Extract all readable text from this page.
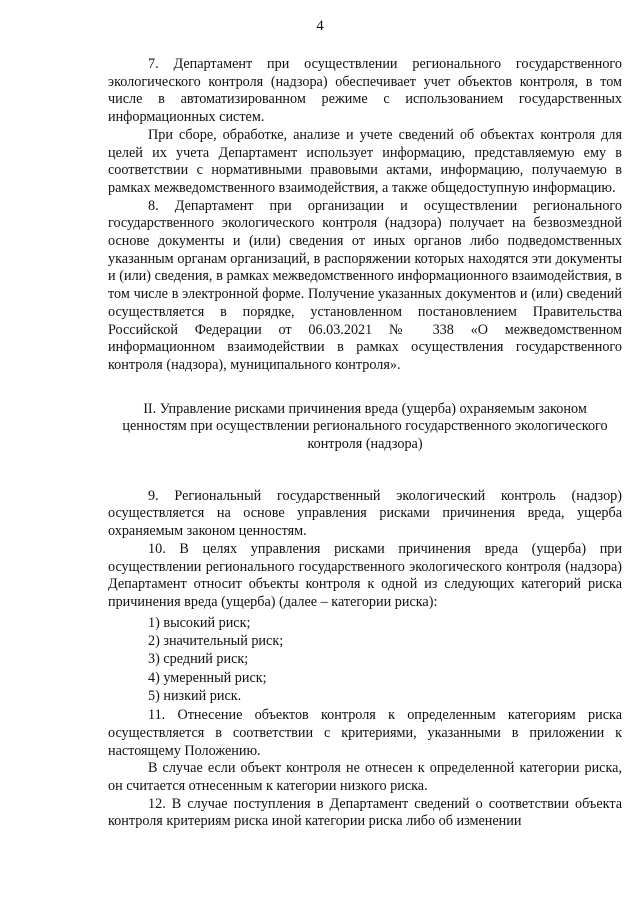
4

7. Департамент при осуществлении регионального государственного экологического контроля (надзора) обеспечивает учет объектов контроля, в том числе в автоматизированном режиме с использованием государственных информационных систем.

При сборе, обработке, анализе и учете сведений об объектах контроля для целей их учета Департамент использует информацию, представляемую ему в соответствии с нормативными правовыми актами, информацию, получаемую в рамках межведомственного взаимодействия, а также общедоступную информацию.

8. Департамент при организации и осуществлении регионального государственного экологического контроля (надзора) получает на безвозмездной основе документы и (или) сведения от иных органов либо подведомственных указанным органам организаций, в распоряжении которых находятся эти документы и (или) сведения, в рамках межведомственного информационного взаимодействия, в том числе в электронной форме. Получение указанных документов и (или) сведений осуществляется в порядке, установленном постановлением Правительства Российской Федерации от 06.03.2021 № 338 «О межведомственном информационном взаимодействии в рамках осуществления государственного контроля (надзора), муниципального контроля».

II. Управление рисками причинения вреда (ущерба) охраняемым законом ценностям при осуществлении регионального государственного экологического контроля (надзора)

9. Региональный государственный экологический контроль (надзор) осуществляется на основе управления рисками причинения вреда, ущерба охраняемым законом ценностям.

10. В целях управления рисками причинения вреда (ущерба) при осуществлении регионального государственного экологического контроля (надзора) Департамент относит объекты контроля к одной из следующих категорий риска причинения вреда (ущерба) (далее – категории риска):

1) высокий риск;
2) значительный риск;
3) средний риск;
4) умеренный риск;
5) низкий риск.

11. Отнесение объектов контроля к определенным категориям риска осуществляется в соответствии с критериями, указанными в приложении к настоящему Положению.

В случае если объект контроля не отнесен к определенной категории риска, он считается отнесенным к категории низкого риска.

12. В случае поступления в Департамент сведений о соответствии объекта контроля критериям риска иной категории риска либо об изменении
